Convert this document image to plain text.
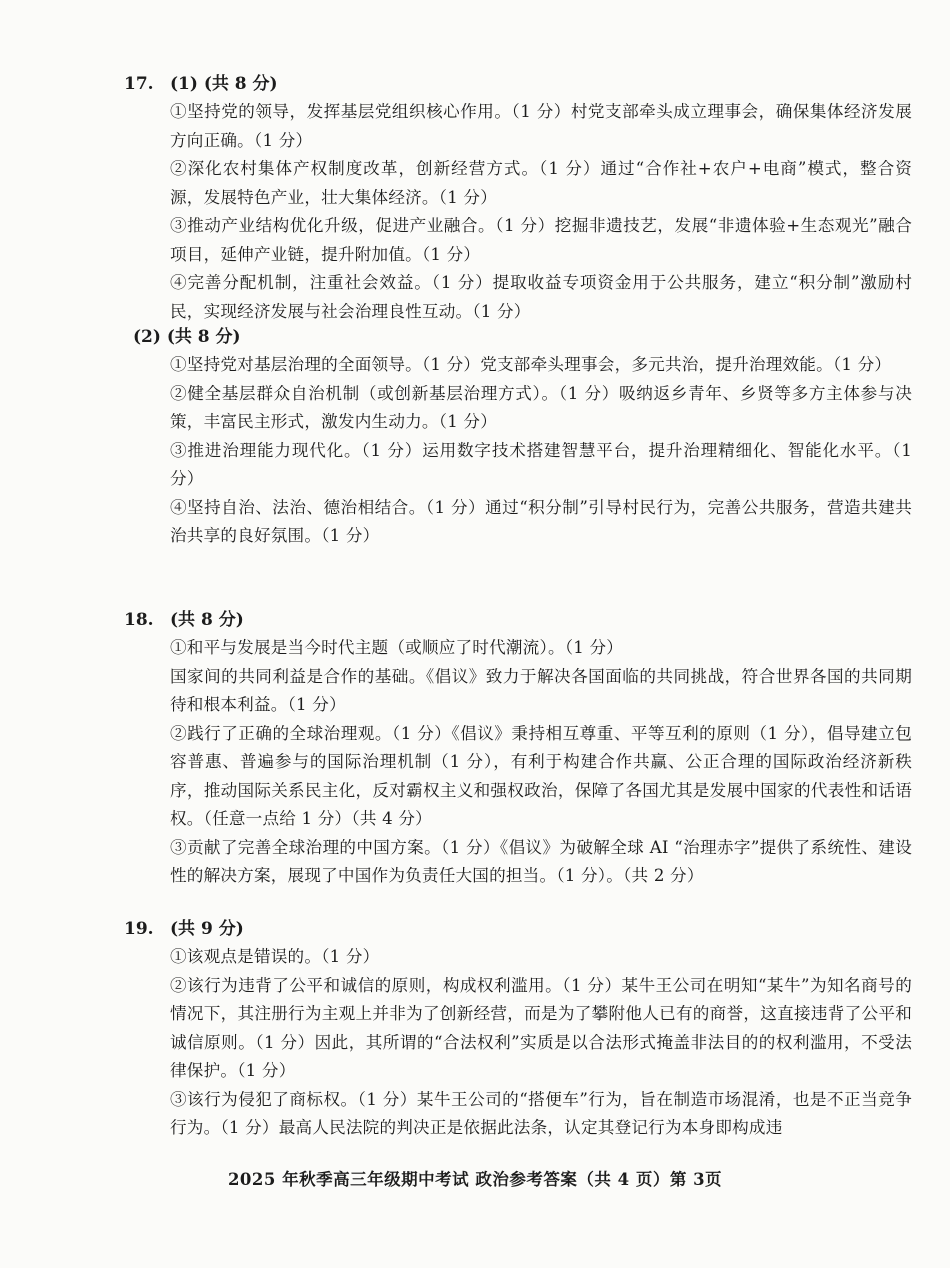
17. (1) (共 8 分)

①坚持党的领导，发挥基层党组织核心作用。（1 分）村党支部牵头成立理事会，确保集体经济发展方向正确。（1 分）

②深化农村集体产权制度改革，创新经营方式。（1 分）通过“合作社+农户+电商”模式，整合资源，发展特色产业，壮大集体经济。（1 分）

③推动产业结构优化升级，促进产业融合。（1 分）挖掘非遗技艺，发展“非遗体验+生态观光”融合项目，延伸产业链，提升附加值。（1 分）

④完善分配机制，注重社会效益。（1 分）提取收益专项资金用于公共服务，建立“积分制”激励村民，实现经济发展与社会治理良性互动。（1 分）

(2) (共 8 分)

①坚持党对基层治理的全面领导。（1 分）党支部牵头理事会，多元共治，提升治理效能。（1 分）

②健全基层群众自治机制（或创新基层治理方式）。（1 分）吸纳返乡青年、乡贤等多方主体参与决策，丰富民主形式，激发内生动力。（1 分）

③推进治理能力现代化。（1 分）运用数字技术搭建智慧平台，提升治理精细化、智能化水平。（1 分）

④坚持自治、法治、德治相结合。（1 分）通过“积分制”引导村民行为，完善公共服务，营造共建共治共享的良好氛围。（1 分）

18. (共 8 分)

①和平与发展是当今时代主题（或顺应了时代潮流）。（1 分）

国家间的共同利益是合作的基础。《倡议》致力于解决各国面临的共同挑战，符合世界各国的共同期待和根本利益。（1 分）

②践行了正确的全球治理观。（1 分）《倡议》秉持相互尊重、平等互利的原则（1 分），倡导建立包容普惠、普遍参与的国际治理机制（1 分），有利于构建合作共赢、公正合理的国际政治经济新秩序，推动国际关系民主化，反对霸权主义和强权政治，保障了各国尤其是发展中国家的代表性和话语权。（任意一点给 1 分）（共 4 分）

③贡献了完善全球治理的中国方案。（1 分）《倡议》为破解全球 AI “治理赤字”提供了系统性、建设性的解决方案，展现了中国作为负责任大国的担当。（1 分）。（共 2 分）

19. (共 9 分)

①该观点是错误的。（1 分）

②该行为违背了公平和诚信的原则，构成权利滥用。（1 分）某牛王公司在明知“某牛”为知名商号的情况下，其注册行为主观上并非为了创新经营，而是为了攀附他人已有的商誉，这直接违背了公平和诚信原则。（1 分）因此，其所谓的“合法权利”实质是以合法形式掩盖非法目的的权利滥用，不受法律保护。（1 分）

③该行为侵犯了商标权。（1 分）某牛王公司的“搭便车”行为，旨在制造市场混淆，也是不正当竞争行为。（1 分）最高人民法院的判决正是依据此法条，认定其登记行为本身即构成违

2025 年秋季高三年级期中考试 政治参考答案（共 4 页）第 3页
